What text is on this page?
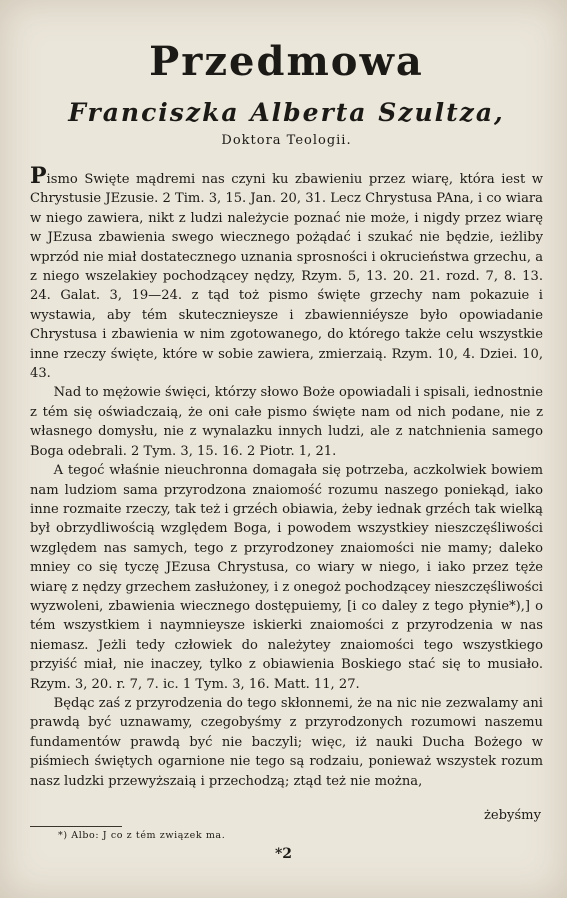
Przedmowa
Franciszka Alberta Szultza,
Doktora Teologii.

Pismo Swięte mądremi nas czyni ku zbawieniu przez wiarę, która iest w Chrystusie JEzusie. 2 Tim. 3, 15. Jan. 20, 31. Lecz Chrystusa PAna, i co wiara w niego zawiera, nikt z ludzi należycie poznać nie może, i nigdy przez wiarę w JEzusa zbawienia swego wiecznego pożądać i szukać nie będzie, ieżliby wprzód nie miał dostatecznego uznania sprosności i okrucieństwa grzechu, a z niego wszelakiey pochodzącey nędzy, Rzym. 5, 13. 20. 21. rozd. 7, 8. 13. 24. Galat. 3, 19—24. z tąd toż pismo święte grzechy nam pokazuie i wystawia, aby tém skutecznieysze i zbawienniéysze było opowiadanie Chrystusa i zbawienia w nim zgotowanego, do którego także celu wszystkie inne rzeczy święte, które w sobie zawiera, zmierzaią. Rzym. 10, 4. Dziei. 10, 43.

Nad to mężowie święci, którzy słowo Boże opowiadali i spisali, iednostnie z tém się oświadczaią, że oni całe pismo święte nam od nich podane, nie z własnego domysłu, nie z wynalazku innych ludzi, ale z natchnienia samego Boga odebrali. 2 Tym. 3, 15. 16. 2 Piotr. 1, 21.

A tegoć właśnie nieuchronna domagała się potrzeba, aczkolwiek bowiem nam ludziom sama przyrodzona znaiomość rozumu naszego poniekąd, iako inne rozmaite rzeczy, tak też i grzéch obiawia, żeby iednak grzéch tak wielką był obrzydliwością względem Boga, i powodem wszystkiey nieszczęśliwości względem nas samych, tego z przyrodzoney znaiomości nie mamy; daleko mniey co się tyczę JEzusa Chrystusa, co wiary w niego, i iako przez tęże wiarę z nędzy grzechem zasłużoney, i z onegoż pochodzącey nieszczęśliwości wyzwoleni, zbawienia wiecznego dostępuiemy, [i co daley z tego płynie*),] o tém wszystkiem i naymnieysze iskierki znaiomości z przyrodzenia w nas niemasz. Jeżli tedy człowiek do należytey znaiomości tego wszystkiego przyiść miał, nie inaczey, tylko z obiawienia Boskiego stać się to musiało. Rzym. 3, 20. r. 7, 7. ic. 1 Tym. 3, 16. Matt. 11, 27.

Będąc zaś z przyrodzenia do tego skłonnemi, że na nic nie zezwalamy ani prawdą być uznawamy, czegobyśmy z przyrodzonych rozumowi naszemu fundamentów prawdą być nie baczyli; więc, iż nauki Ducha Bożego w piśmiech świętych ogarnione nie tego są rodzaiu, ponieważ wszystek rozum nasz ludzki przewyższaią i przechodzą; ztąd też nie można,

żebyśmy
*) Albo: J co z tém związek ma.
*2
